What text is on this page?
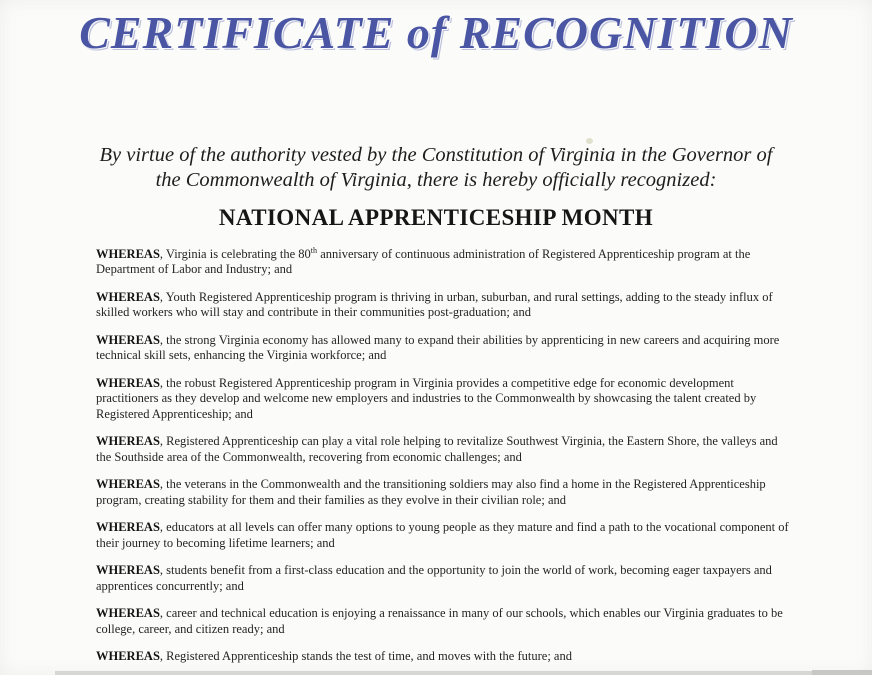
CERTIFICATE of RECOGNITION
By virtue of the authority vested by the Constitution of Virginia in the Governor of
the Commonwealth of Virginia, there is hereby officially recognized:
NATIONAL APPRENTICESHIP MONTH

WHEREAS, Virginia is celebrating the 80th anniversary of continuous administration of Registered Apprenticeship program at the Department of Labor and Industry; and

WHEREAS, Youth Registered Apprenticeship program is thriving in urban, suburban, and rural settings, adding to the steady influx of skilled workers who will stay and contribute in their communities post-graduation; and

WHEREAS, the strong Virginia economy has allowed many to expand their abilities by apprenticing in new careers and acquiring more technical skill sets, enhancing the Virginia workforce; and

WHEREAS, the robust Registered Apprenticeship program in Virginia provides a competitive edge for economic development practitioners as they develop and welcome new employers and industries to the Commonwealth by showcasing the talent created by Registered Apprenticeship; and

WHEREAS, Registered Apprenticeship can play a vital role helping to revitalize Southwest Virginia, the Eastern Shore, the valleys and the Southside area of the Commonwealth, recovering from economic challenges; and

WHEREAS, the veterans in the Commonwealth and the transitioning soldiers may also find a home in the Registered Apprenticeship program, creating stability for them and their families as they evolve in their civilian role; and

WHEREAS, educators at all levels can offer many options to young people as they mature and find a path to the vocational component of their journey to becoming lifetime learners; and

WHEREAS, students benefit from a first-class education and the opportunity to join the world of work, becoming eager taxpayers and apprentices concurrently; and

WHEREAS, career and technical education is enjoying a renaissance in many of our schools, which enables our Virginia graduates to be college, career, and citizen ready; and

WHEREAS, Registered Apprenticeship stands the test of time, and moves with the future; and
